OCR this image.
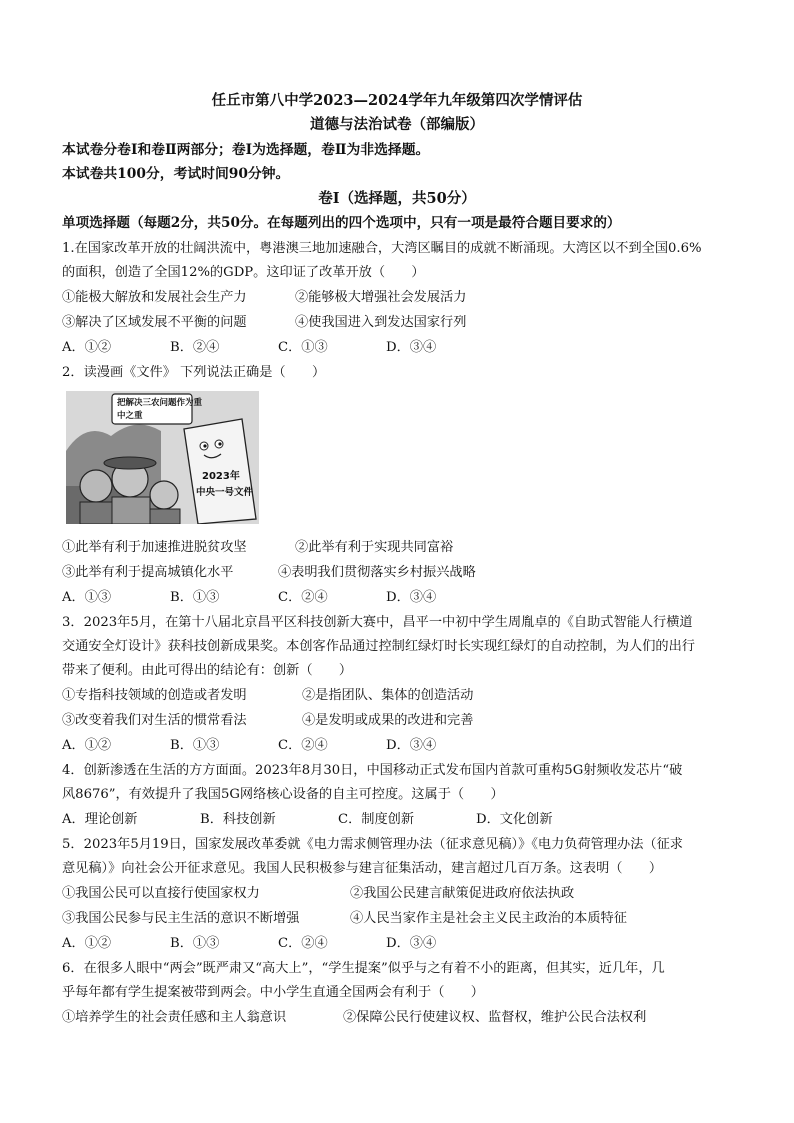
任丘市第八中学2023—2024学年九年级第四次学情评估
道德与法治试卷（部编版）
本试卷分卷Ⅰ和卷Ⅱ两部分；卷Ⅰ为选择题，卷Ⅱ为非选择题。
本试卷共100分，考试时间90分钟。
卷Ⅰ（选择题，共50分）
单项选择题（每题2分，共50分。在每题列出的四个选项中，只有一项是最符合题目要求的）
1.在国家改革开放的壮阔洪流中，粤港澳三地加速融合，大湾区瞩目的成就不断涌现。大湾区以不到全国0.6%
的面积，创造了全国12%的GDP。这印证了改革开放（　　）
①能极大解放和发展社会生产力	②能够极大增强社会发展活力
③解决了区域发展不平衡的问题	④使我国进入到发达国家行列
A．①②	B．②④	C．①③	D．③④
2．读漫画《文件》 下列说法正确是（　　）
把解决三农问题作为重
中之重
2023年
中央一号文件
①此举有利于加速推进脱贫攻坚	②此举有利于实现共同富裕
③此举有利于提高城镇化水平	④表明我们贯彻落实乡村振兴战略
A．①③	B．①③	C．②④	D．③④
3．2023年5月，在第十八届北京昌平区科技创新大赛中，昌平一中初中学生周胤卓的《自助式智能人行横道
交通安全灯设计》获科技创新成果奖。本创客作品通过控制红绿灯时长实现红绿灯的自动控制，为人们的出行
带来了便利。由此可得出的结论有：创新（　　）
①专指科技领域的创造或者发明	②是指团队、集体的创造活动
③改变着我们对生活的惯常看法	④是发明或成果的改进和完善
A．①②	B．①③	C．②④	D．③④
4．创新渗透在生活的方方面面。2023年8月30日，中国移动正式发布国内首款可重构5G射频收发芯片“破
风8676”，有效提升了我国5G网络核心设备的自主可控度。这属于（　　）
A．理论创新	B．科技创新	C．制度创新	D．文化创新
5．2023年5月19日，国家发展改革委就《电力需求侧管理办法（征求意见稿）》《电力负荷管理办法（征求
意见稿）》向社会公开征求意见。我国人民积极参与建言征集活动，建言超过几百万条。这表明（　　）
①我国公民可以直接行使国家权力	②我国公民建言献策促进政府依法执政
③我国公民参与民主生活的意识不断增强	④人民当家作主是社会主义民主政治的本质特征
A．①②	B．①③	C．②④	D．③④
6．在很多人眼中“两会”既严肃又“高大上”，“学生提案”似乎与之有着不小的距离，但其实，近几年，几
乎每年都有学生提案被带到两会。中小学生直通全国两会有利于（　　）
①培养学生的社会责任感和主人翁意识	②保障公民行使建议权、监督权，维护公民合法权利
